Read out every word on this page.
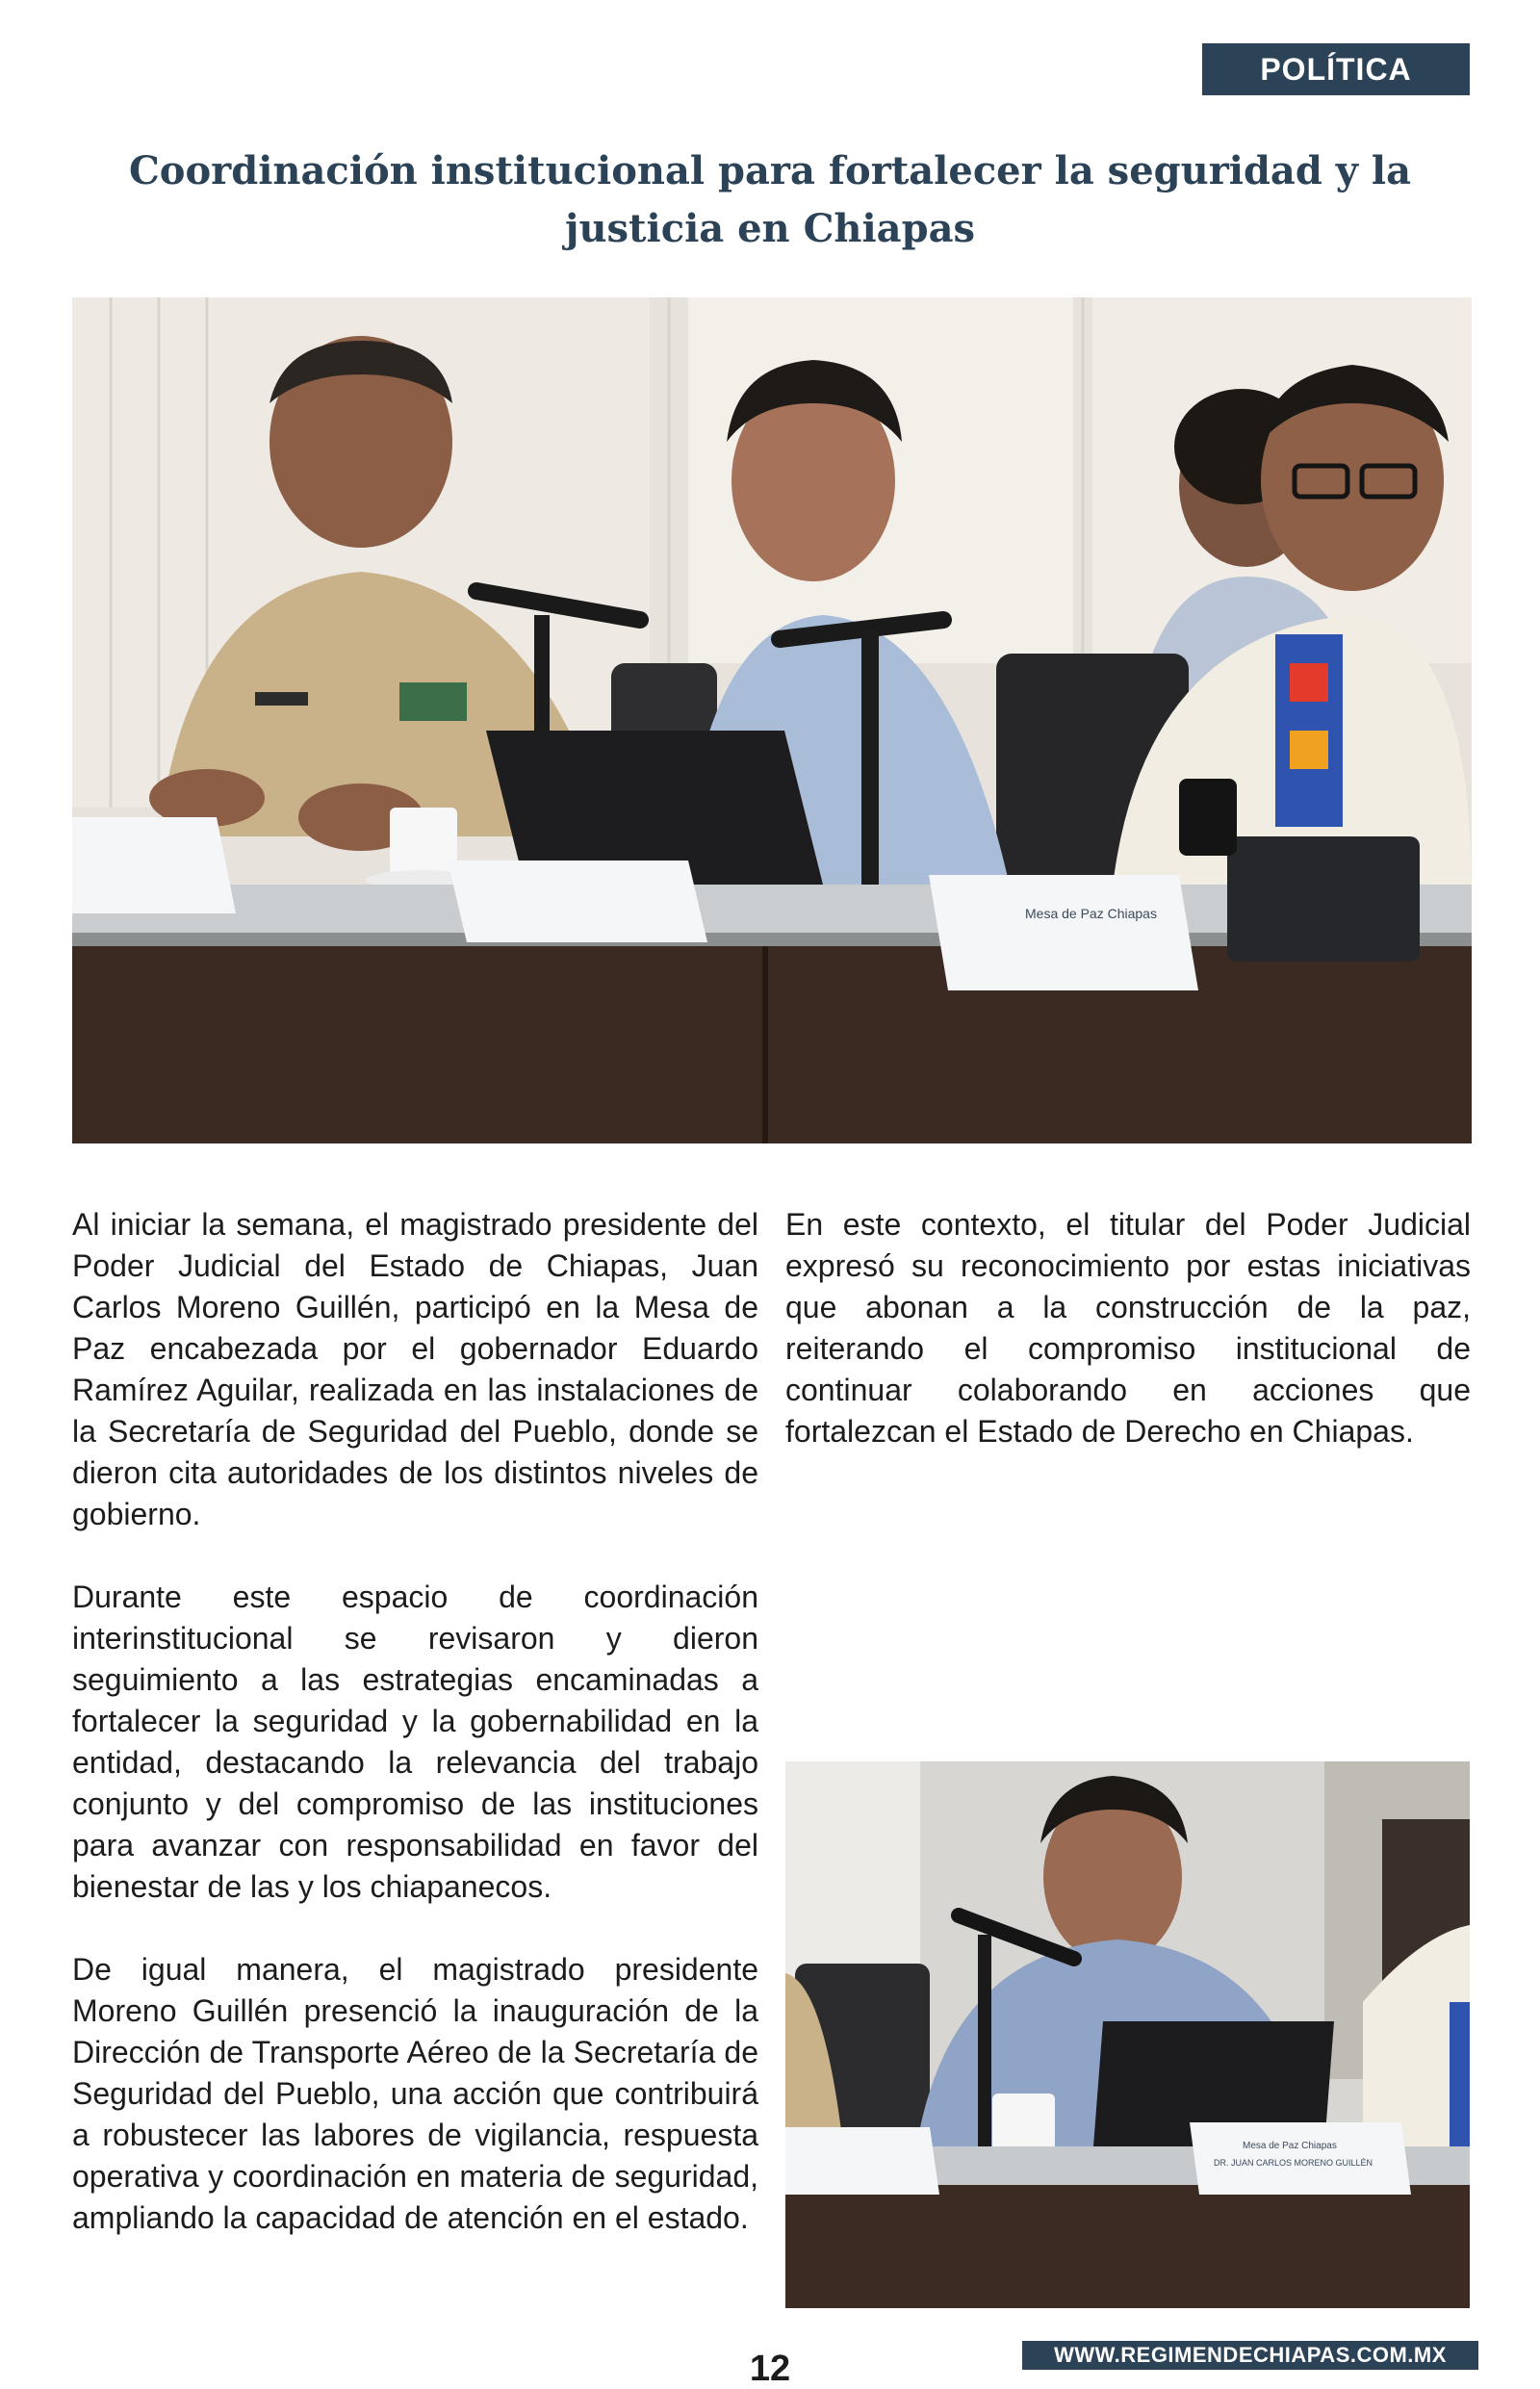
POLÍTICA
Coordinación institucional para fortalecer la seguridad y la justicia en Chiapas
Mesa de Paz Chiapas

Al iniciar la semana, el magistrado presidente del Poder Judicial del Estado de Chiapas, Juan Carlos Moreno Guillén, participó en la Mesa de Paz encabezada por el gobernador Eduardo Ramírez Aguilar, realizada en las instalaciones de la Secretaría de Seguridad del Pueblo, donde se dieron cita autoridades de los distintos niveles de gobierno.

Durante este espacio de coordinación interinstitucional se revisaron y dieron seguimiento a las estrategias encaminadas a fortalecer la seguridad y la gobernabilidad en la entidad, destacando la relevancia del trabajo conjunto y del compromiso de las instituciones para avanzar con responsabilidad en favor del bienestar de las y los chiapanecos.

De igual manera, el magistrado presidente Moreno Guillén presenció la inauguración de la Dirección de Transporte Aéreo de la Secretaría de Seguridad del Pueblo, una acción que contribuirá a robustecer las labores de vigilancia, respuesta operativa y coordinación en materia de seguridad, ampliando la capacidad de atención en el estado.

En este contexto, el titular del Poder Judicial expresó su reconocimiento por estas iniciativas que abonan a la construcción de la paz, reiterando el compromiso institucional de continuar colaborando en acciones que fortalezcan el Estado de Derecho en Chiapas.

Mesa de Paz Chiapas
DR. JUAN CARLOS MORENO GUILLÉN
12	WWW.REGIMENDECHIAPAS.COM.MX
